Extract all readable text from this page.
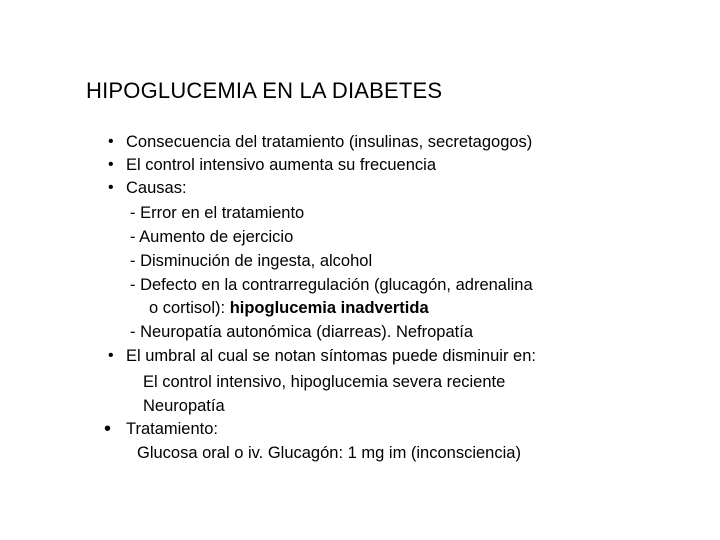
HIPOGLUCEMIA EN LA DIABETES
• Consecuencia del tratamiento (insulinas, secretagogos)
• El control intensivo aumenta su frecuencia
• Causas:
- Error en el tratamiento
- Aumento de ejercicio
- Disminución de ingesta, alcohol
- Defecto en la contrarregulación (glucagón, adrenalina
o cortisol): hipoglucemia inadvertida
- Neuropatía autonómica (diarreas). Nefropatía
• El umbral al cual se notan síntomas puede disminuir en:
El control intensivo, hipoglucemia severa reciente
Neuropatía
• Tratamiento:
Glucosa oral o iv. Glucagón: 1 mg im (inconsciencia)
